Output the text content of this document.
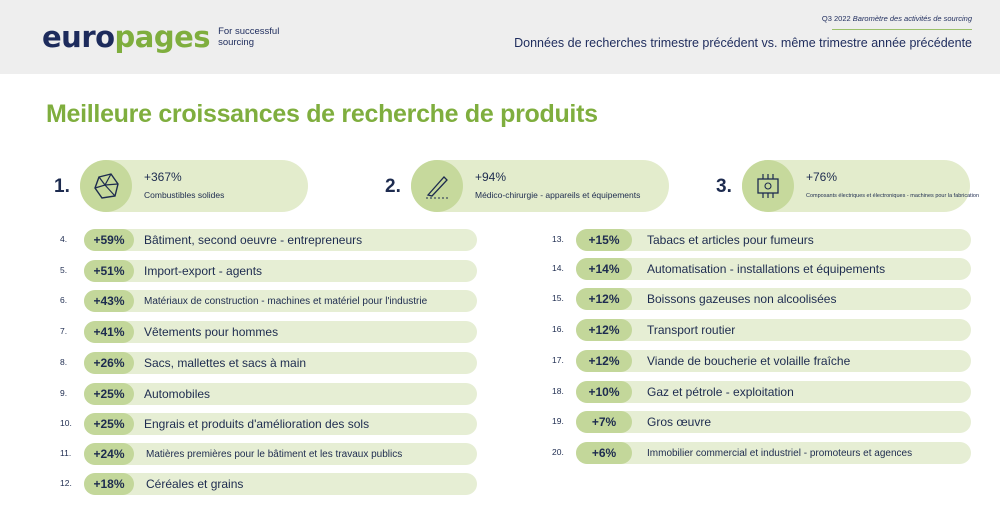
euro pages For successful
sourcing
Q3 2022 Baromètre des activités de sourcing
Données de recherches trimestre précédent vs. même trimestre année précédente
Meilleure croissances de recherche de produits
1.	+367%
Combustibles solides	2.	+94%
Médico-chirurgie - appareils et équipements	3.	+76%
Composants électriques et électroniques - machines pour la fabrication
4.	+59%	Bâtiment, second oeuvre - entrepreneurs
5.	+51%	Import-export - agents
6.	+43%	Matériaux de construction - machines et matériel pour l'industrie
7.	+41%	Vêtements pour hommes
8.	+26%	Sacs, mallettes et sacs à main
9.	+25%	Automobiles
10.	+25%	Engrais et produits d'amélioration des sols
11.	+24%	Matières premières pour le bâtiment et les travaux publics
12.	+18%	Céréales et grains
13.	+15%	Tabacs et articles pour fumeurs
14.	+14%	Automatisation - installations et équipements
15.	+12%	Boissons gazeuses non alcoolisées
16.	+12%	Transport routier
17.	+12%	Viande de boucherie et volaille fraîche
18.	+10%	Gaz et pétrole - exploitation
19.	+7%	Gros œuvre
20.	+6%	Immobilier commercial et industriel - promoteurs et agences
